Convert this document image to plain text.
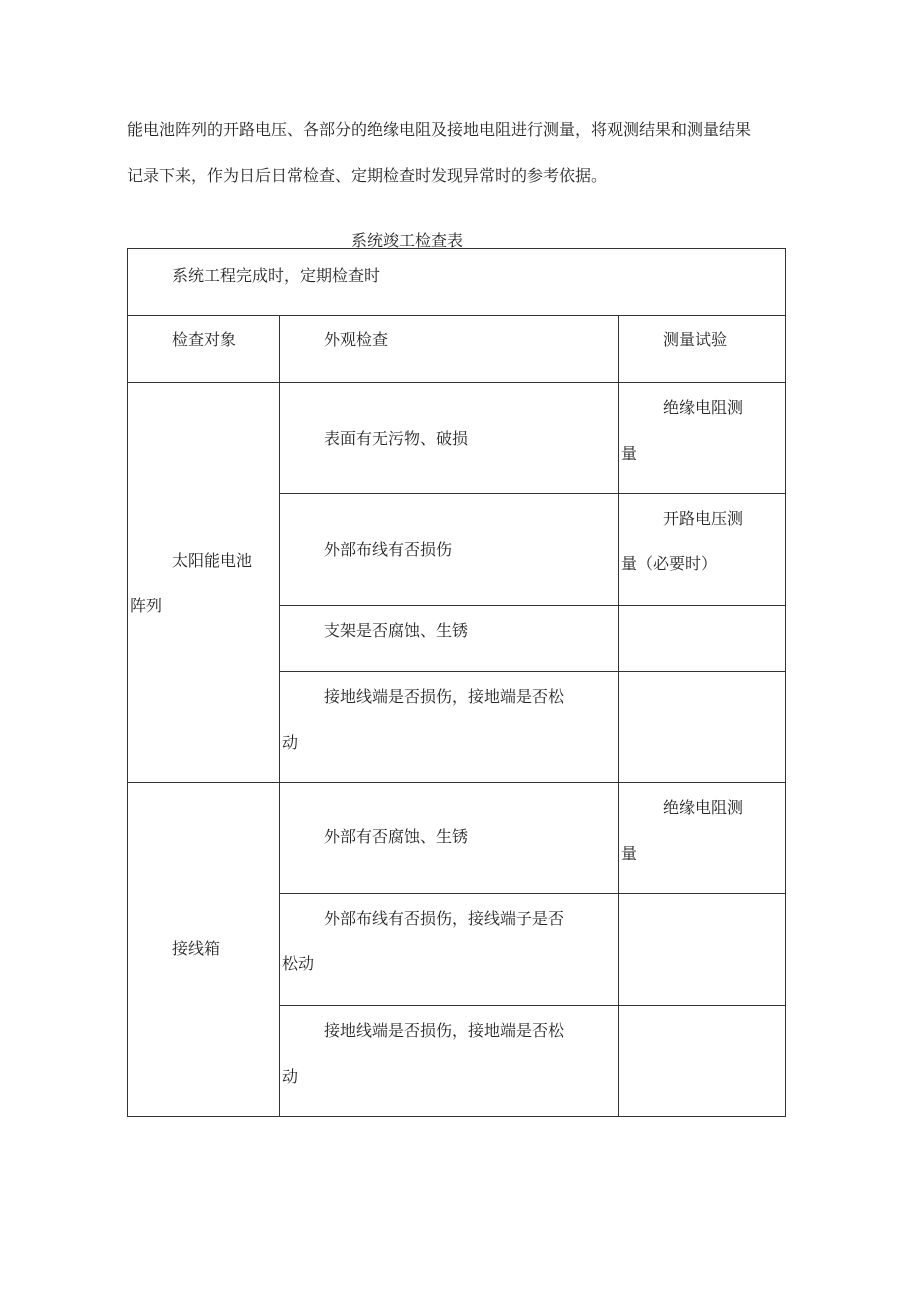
能电池阵列的开路电压、各部分的绝缘电阻及接地电阻进行测量，将观测结果和测量结果

记录下来，作为日后日常检查、定期检查时发现异常时的参考依据。

系统竣工检查表
系统工程完成时，定期检查时		

检查对象	外观检查	测量试验

太阳能电池
阵列	表面有无污物、破损	绝缘电阻测
量

	外部布线有否损伤	开路电压测
量（必要时）

	支架是否腐蚀、生锈	

	接地线端是否损伤，接地端是否松
动	

接线箱	外部有否腐蚀、生锈	绝缘电阻测
量

	外部布线有否损伤，接线端子是否
松动	

	接地线端是否损伤，接地端是否松
动	
